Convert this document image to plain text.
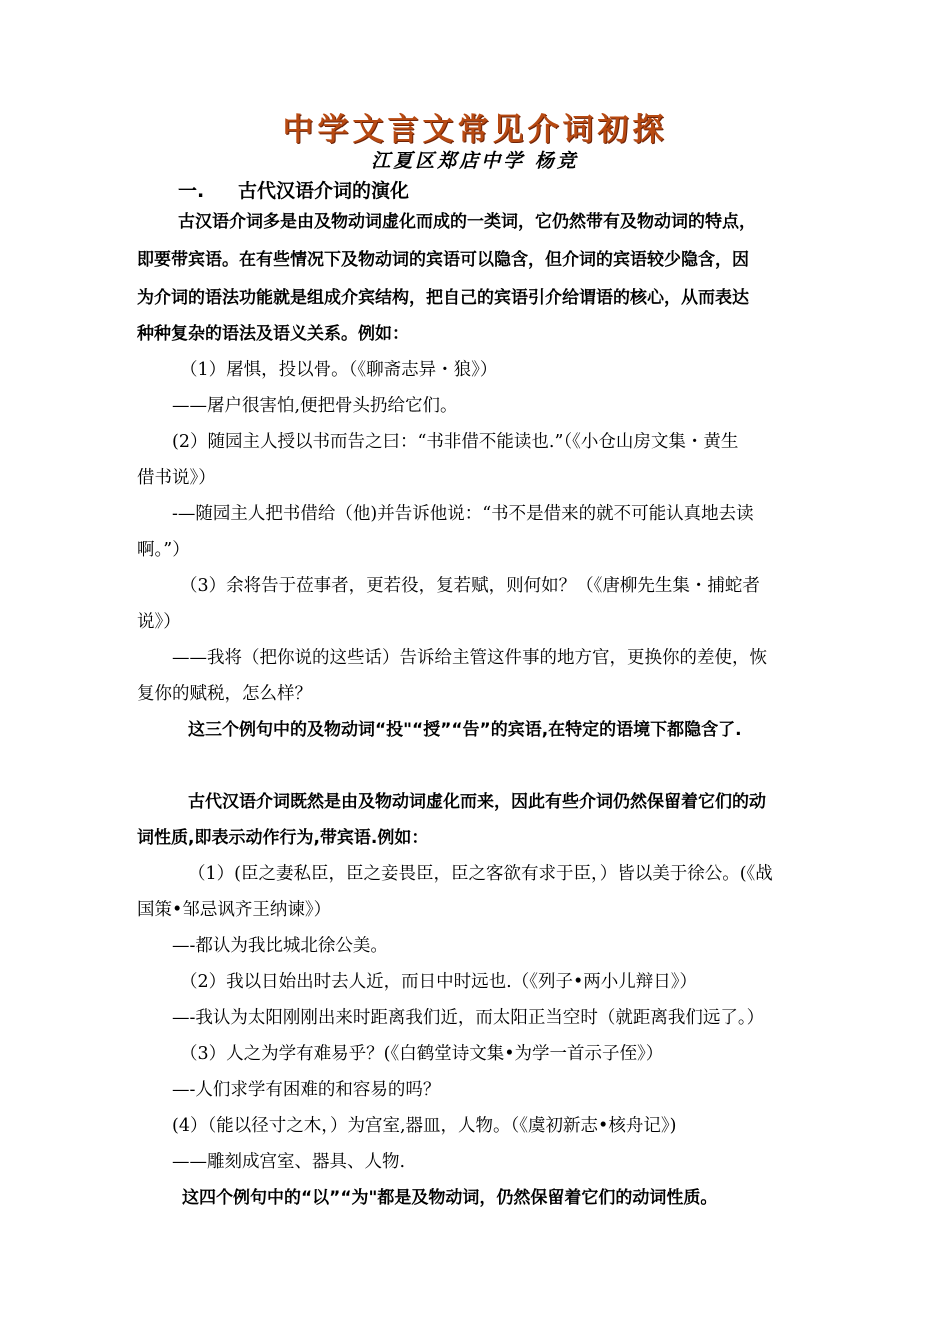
中学文言文常见介词初探
江夏区郑店中学 杨竞
一. 古代汉语介词的演化
古汉语介词多是由及物动词虚化而成的一类词，它仍然带有及物动词的特点，
即要带宾语。在有些情况下及物动词的宾语可以隐含，但介词的宾语较少隐含，因
为介词的语法功能就是组成介宾结构，把自己的宾语引介给谓语的核心，从而表达
种种复杂的语法及语义关系。例如：
（1）屠惧，投以骨。（《聊斋志异・狼》）
——屠户很害怕,便把骨头扔给它们。
(2）随园主人授以书而告之曰：“书非借不能读也.”（《小仓山房文集・黄生
借书说》）
-—随园主人把书借给（他)并告诉他说：“书不是借来的就不可能认真地去读
啊。”）
（3）余将告于莅事者，更若役，复若赋，则何如？（《唐柳先生集・捕蛇者
说》）
——我将（把你说的这些话）告诉给主管这件事的地方官，更换你的差使，恢
复你的赋税，怎么样？
这三个例句中的及物动词“投"“授”“告”的宾语,在特定的语境下都隐含了.
古代汉语介词既然是由及物动词虚化而来，因此有些介词仍然保留着它们的动
词性质,即表示动作行为,带宾语.例如：
（1）(臣之妻私臣，臣之妾畏臣，臣之客欲有求于臣，）皆以美于徐公。(《战
国策•邹忌讽齐王纳谏》）
—-都认为我比城北徐公美。
（2）我以日始出时去人近，而日中时远也.（《列子•两小儿辩日》）
—-我认为太阳刚刚出来时距离我们近，而太阳正当空时（就距离我们远了。）
（3）人之为学有难易乎？(《白鹤堂诗文集•为学一首示子侄》）
—-人们求学有困难的和容易的吗？
(4）（能以径寸之木，）为宫室,器皿，人物。（《虞初新志•核舟记》)
——雕刻成宫室、器具、人物.
这四个例句中的“以”“为"都是及物动词，仍然保留着它们的动词性质。
